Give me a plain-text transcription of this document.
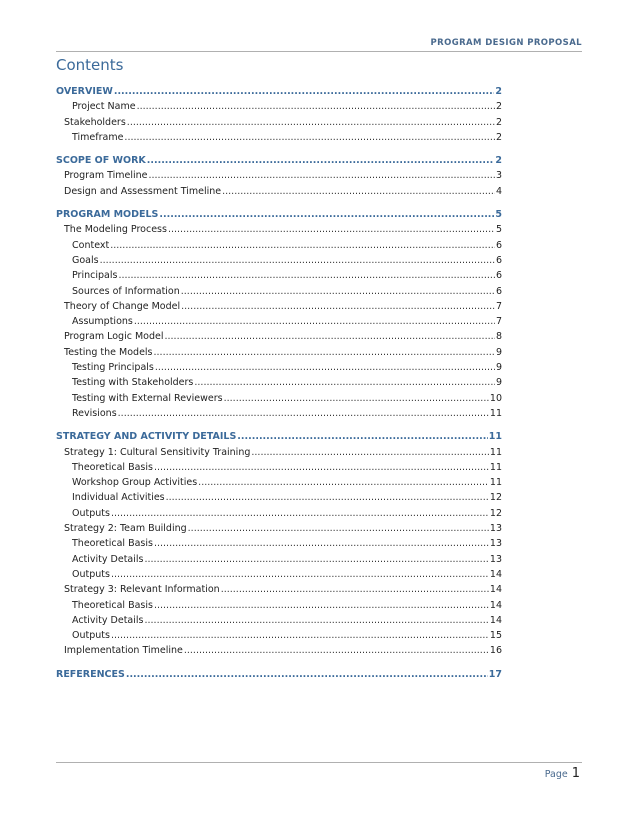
PROGRAM DESIGN PROPOSAL
Contents
OVERVIEW .....	2
Project Name .....	2
Stakeholders .....	2
Timeframe .....	2
SCOPE OF WORK .....	2
Program Timeline .....	3
Design and Assessment Timeline .....	4
PROGRAM MODELS .....	5
The Modeling Process .....	5
Context .....	6
Goals .....	6
Principals .....	6
Sources of Information .....	6
Theory of Change Model .....	7
Assumptions .....	7
Program Logic Model .....	8
Testing the Models .....	9
Testing Principals .....	9
Testing with Stakeholders .....	9
Testing with External Reviewers .....	10
Revisions .....	11
STRATEGY AND ACTIVITY DETAILS .....	11
Strategy 1: Cultural Sensitivity Training .....	11
Theoretical Basis .....	11
Workshop Group Activities .....	11
Individual Activities .....	12
Outputs .....	12
Strategy 2: Team Building .....	13
Theoretical Basis .....	13
Activity Details .....	13
Outputs .....	14
Strategy 3: Relevant Information .....	14
Theoretical Basis .....	14
Activity Details .....	14
Outputs .....	15
Implementation Timeline .....	16
REFERENCES .....	17
Page 1
